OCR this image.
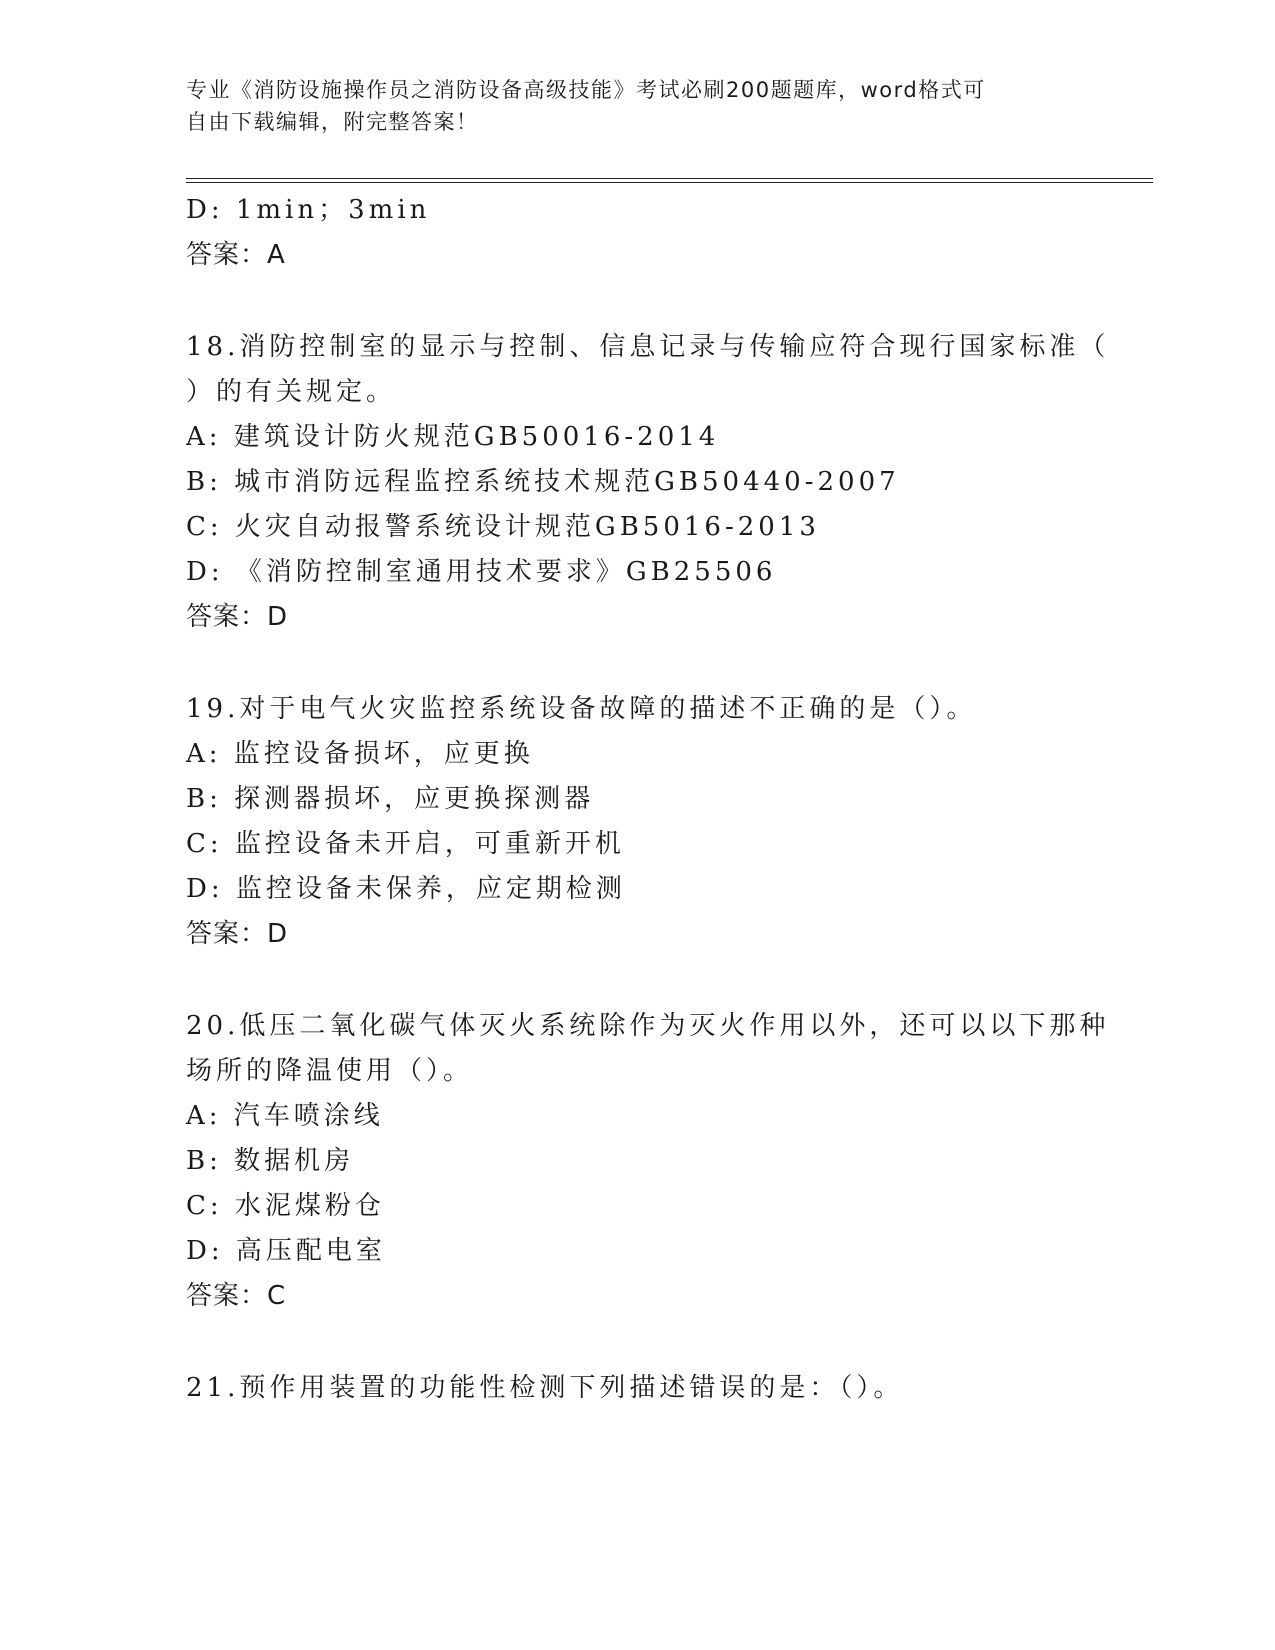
专业《消防设施操作员之消防设备高级技能》考试必刷200题题库，word格式可
自由下载编辑，附完整答案！
D: 1min；3min
答案：A
18.消防控制室的显示与控制、信息记录与传输应符合现行国家标准（
）的有关规定。
A: 建筑设计防火规范GB50016-2014
B: 城市消防远程监控系统技术规范GB50440-2007
C: 火灾自动报警系统设计规范GB5016-2013
D: 《消防控制室通用技术要求》GB25506
答案：D
19.对于电气火灾监控系统设备故障的描述不正确的是（）。
A: 监控设备损坏，应更换
B: 探测器损坏，应更换探测器
C: 监控设备未开启，可重新开机
D: 监控设备未保养，应定期检测
答案：D
20.低压二氧化碳气体灭火系统除作为灭火作用以外，还可以以下那种
场所的降温使用（）。
A: 汽车喷涂线
B: 数据机房
C: 水泥煤粉仓
D: 高压配电室
答案：C
21.预作用装置的功能性检测下列描述错误的是：（）。
